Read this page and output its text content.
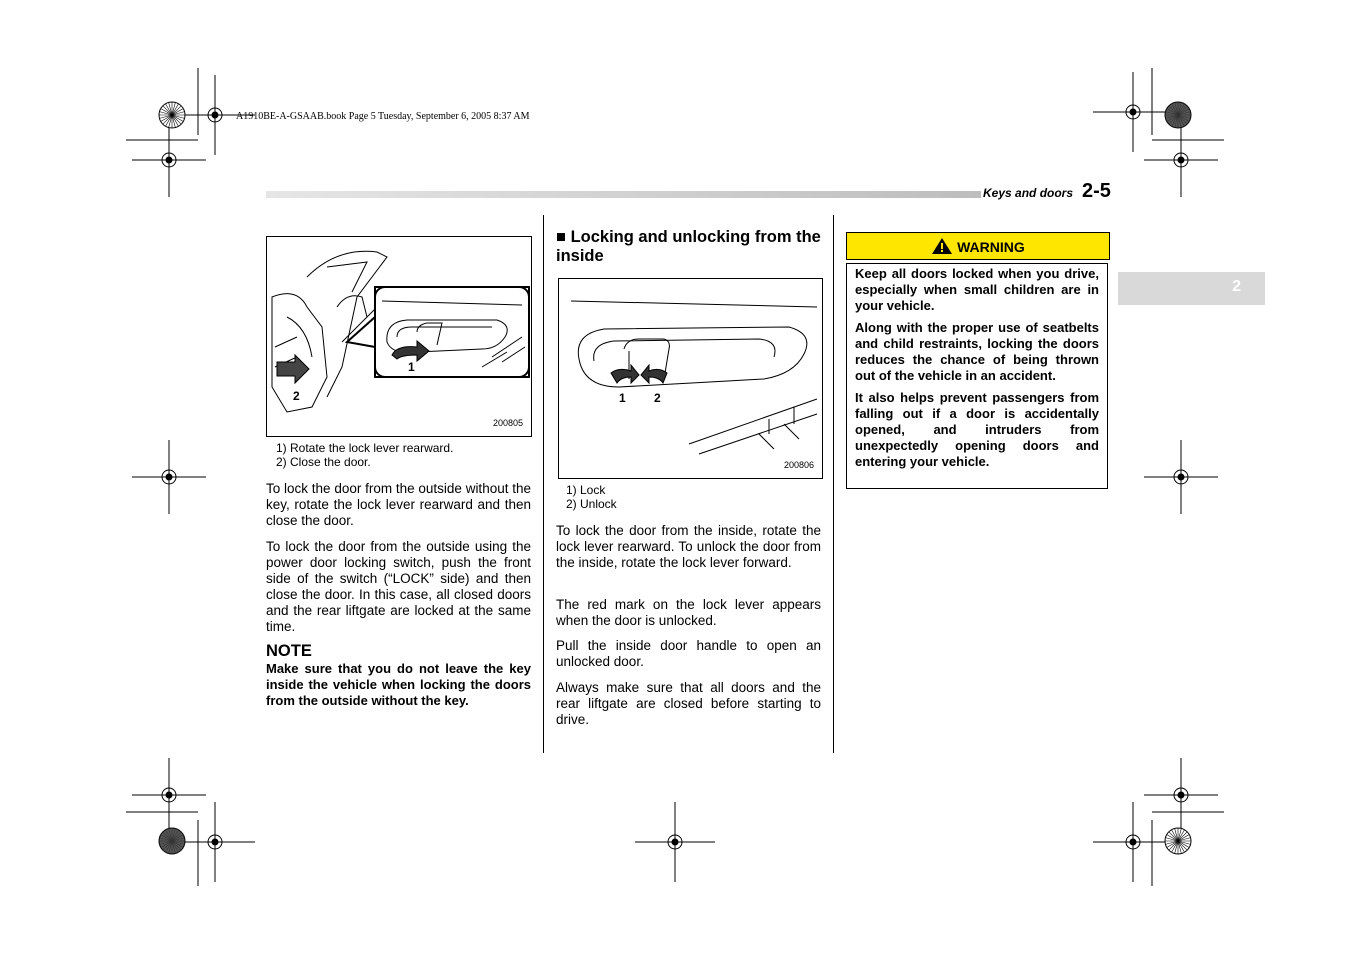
A1910BE-A-GSAAB.book Page 5 Tuesday, September 6, 2005 8:37 AM
Keys and doors 2-5
2
2
1
200805
1) Rotate the lock lever rearward.
2) Close the door.

To lock the door from the outside without the key, rotate the lock lever rearward and then close the door.

To lock the door from the outside using the power door locking switch, push the front side of the switch (“LOCK” side) and then close the door. In this case, all closed doors and the rear liftgate are locked at the same time.

NOTE
Make sure that you do not leave the key inside the vehicle when locking the doors from the outside without the key.
■ Locking and unlocking from the inside
1 2
200806
1) Lock
2) Unlock

To lock the door from the inside, rotate the lock lever rearward. To unlock the door from the inside, rotate the lock lever forward.

The red mark on the lock lever appears when the door is unlocked.

Pull the inside door handle to open an unlocked door.

Always make sure that all doors and the rear liftgate are closed before starting to drive.

WARNING

Keep all doors locked when you drive, especially when small children are in your vehicle.

Along with the proper use of seatbelts and child restraints, locking the doors reduces the chance of being thrown out of the vehicle in an accident.

It also helps prevent passengers from falling out if a door is accidentally opened, and intruders from unexpectedly opening doors and entering your vehicle.
